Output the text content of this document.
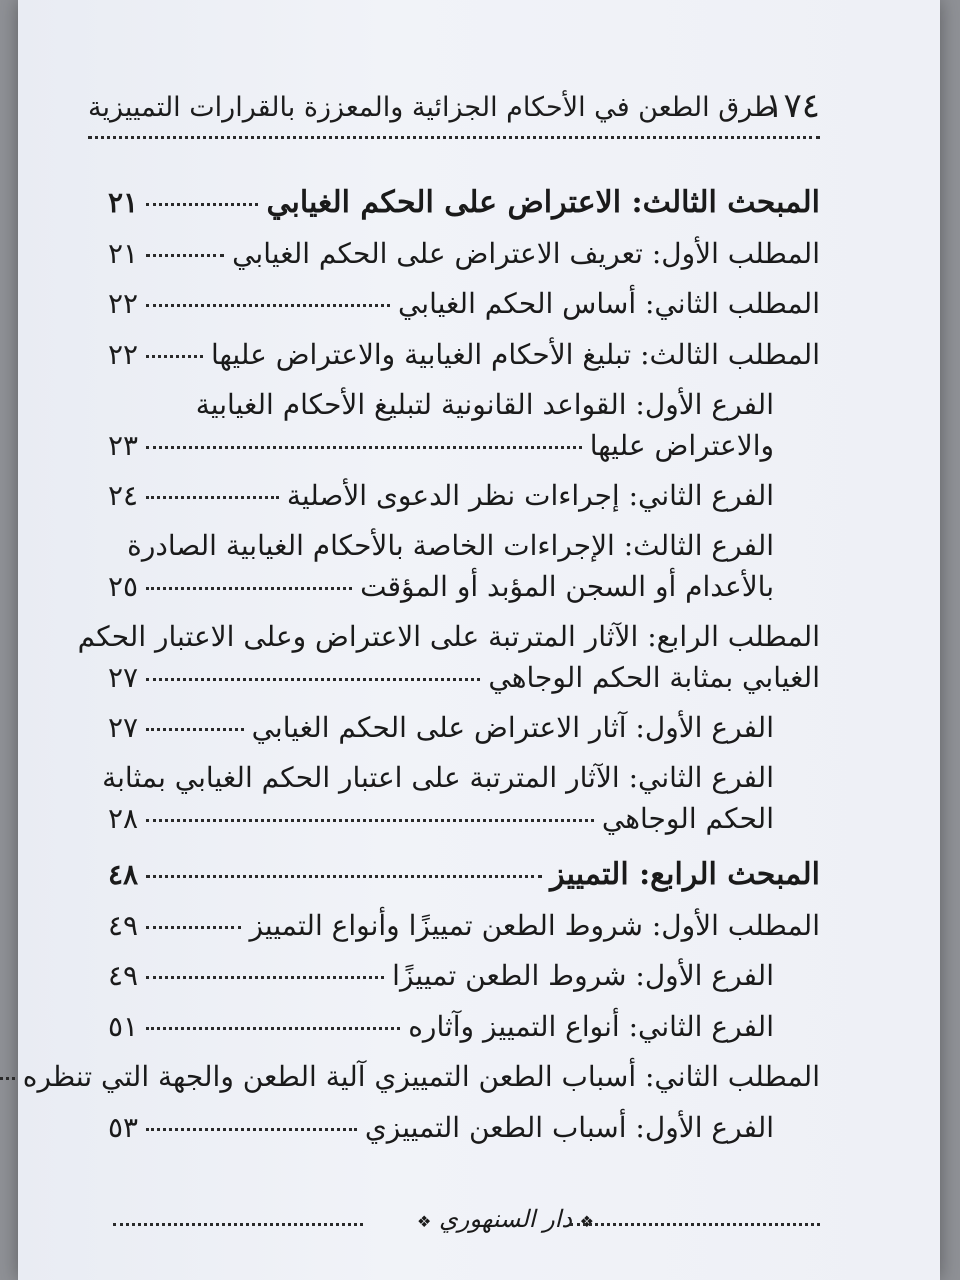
١٧٤
طرق الطعن في الأحكام الجزائية والمعززة بالقرارات التمييزية
المبحث الثالث: الاعتراض على الحكم الغيابي
٢١
المطلب الأول: تعريف الاعتراض على الحكم الغيابي
٢١
المطلب الثاني: أساس الحكم الغيابي
٢٢
المطلب الثالث: تبليغ الأحكام الغيابية والاعتراض عليها
٢٢
الفرع الأول: القواعد القانونية لتبليغ الأحكام الغيابية
والاعتراض عليها
٢٣
الفرع الثاني: إجراءات نظر الدعوى الأصلية
٢٤
الفرع الثالث: الإجراءات الخاصة بالأحكام الغيابية الصادرة
بالأعدام أو السجن المؤبد أو المؤقت
٢٥
المطلب الرابع: الآثار المترتبة على الاعتراض وعلى الاعتبار الحكم
الغيابي بمثابة الحكم الوجاهي
٢٧
الفرع الأول: آثار الاعتراض على الحكم الغيابي
٢٧
الفرع الثاني: الآثار المترتبة على اعتبار الحكم الغيابي بمثابة
الحكم الوجاهي
٢٨
المبحث الرابع: التمييز
٤٨
المطلب الأول: شروط الطعن تمييزًا وأنواع التمييز
٤٩
الفرع الأول: شروط الطعن تمييزًا
٤٩
الفرع الثاني: أنواع التمييز وآثاره
٥١
المطلب الثاني: أسباب الطعن التمييزي آلية الطعن والجهة التي تنظره
الفرع الأول: أسباب الطعن التمييزي
٥٣
❖ دار السنهوري ❖
